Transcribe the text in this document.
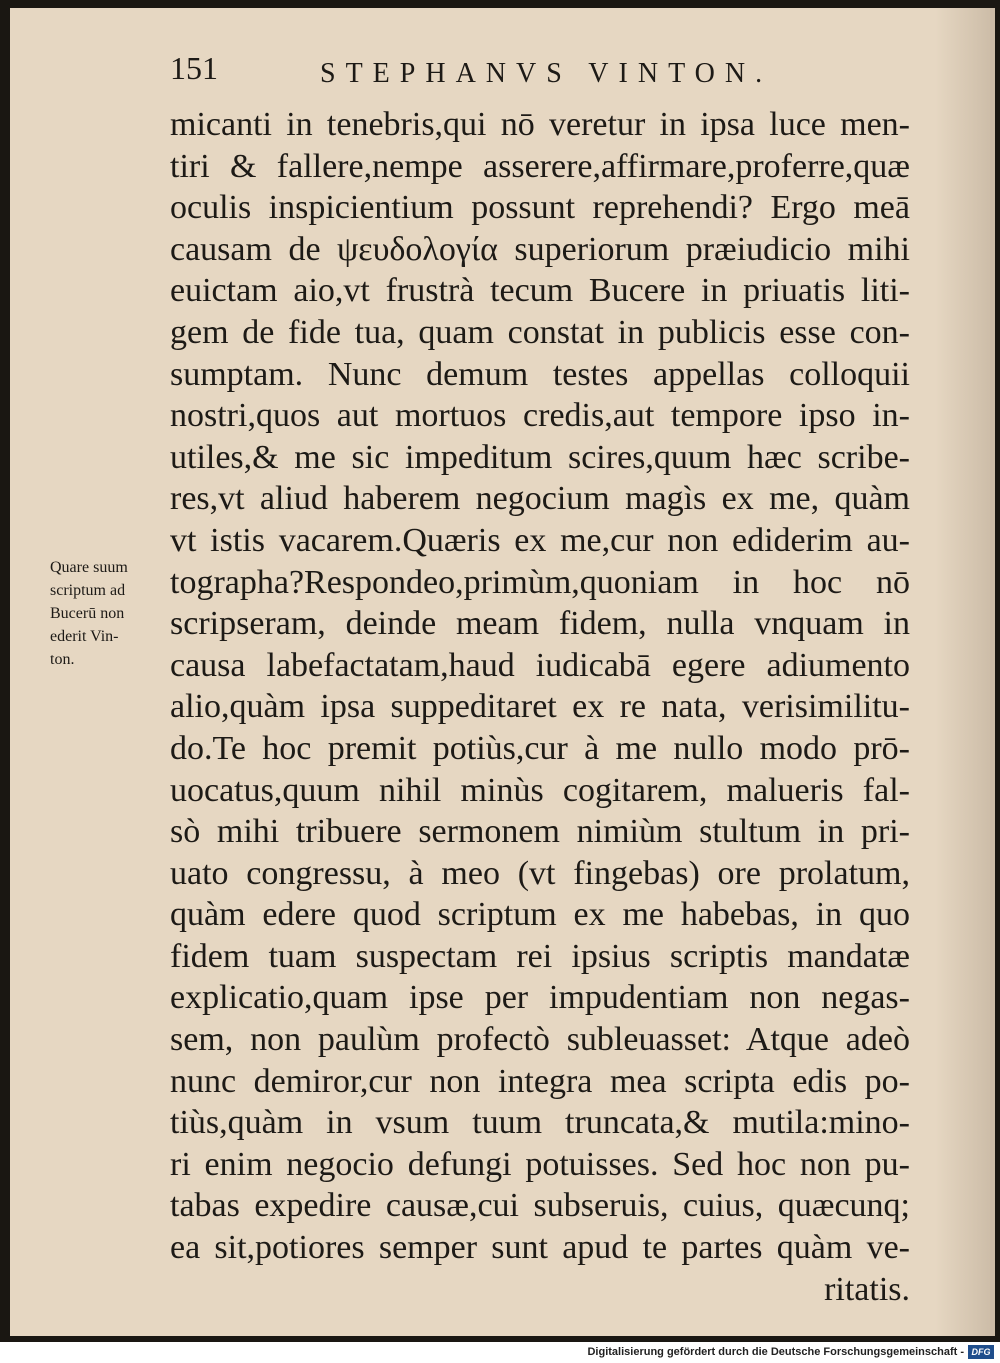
151	STEPHANVS VINTON.
Quare suum
scriptum ad
Bucerū non
ederit Vin-
ton.
micanti in tenebris,qui nō veretur in ipsa luce men-
tiri & fallere,nempe asserere,affirmare,proferre,quæ
oculis inspicientium possunt reprehendi? Ergo meā
causam de ψευδολογία superiorum præiudicio mihi
euictam aio,vt frustrà tecum Bucere in priuatis liti-
gem de fide tua, quam constat in publicis esse con-
sumptam. Nunc demum testes appellas colloquii
nostri,quos aut mortuos credis,aut tempore ipso in-
utiles,& me sic impeditum scires,quum hæc scribe-
res,vt aliud haberem negocium magìs ex me, quàm
vt istis vacarem.Quæris ex me,cur non ediderim au-
tographa?Respondeo,primùm,quoniam in hoc nō
scripseram, deinde meam fidem, nulla vnquam in
causa labefactatam,haud iudicabā egere adiumento
alio,quàm ipsa suppeditaret ex re nata, verisimilitu-
do.Te hoc premit potiùs,cur à me nullo modo prō-
uocatus,quum nihil minùs cogitarem, malueris fal-
sò mihi tribuere sermonem nimiùm stultum in pri-
uato congressu, à meo (vt fingebas) ore prolatum,
quàm edere quod scriptum ex me habebas, in quo
fidem tuam suspectam rei ipsius scriptis mandatæ
explicatio,quam ipse per impudentiam non negas-
sem, non paulùm profectò subleuasset: Atque adeò
nunc demiror,cur non integra mea scripta edis po-
tiùs,quàm in vsum tuum truncata,& mutila:mino-
ri enim negocio defungi potuisses. Sed hoc non pu-
tabas expedire causæ,cui subseruis, cuius, quæcunq;
ea sit,potiores semper sunt apud te partes quàm ve-
ritatis.
Digitalisierung gefördert durch die Deutsche Forschungsgemeinschaft - DFG
